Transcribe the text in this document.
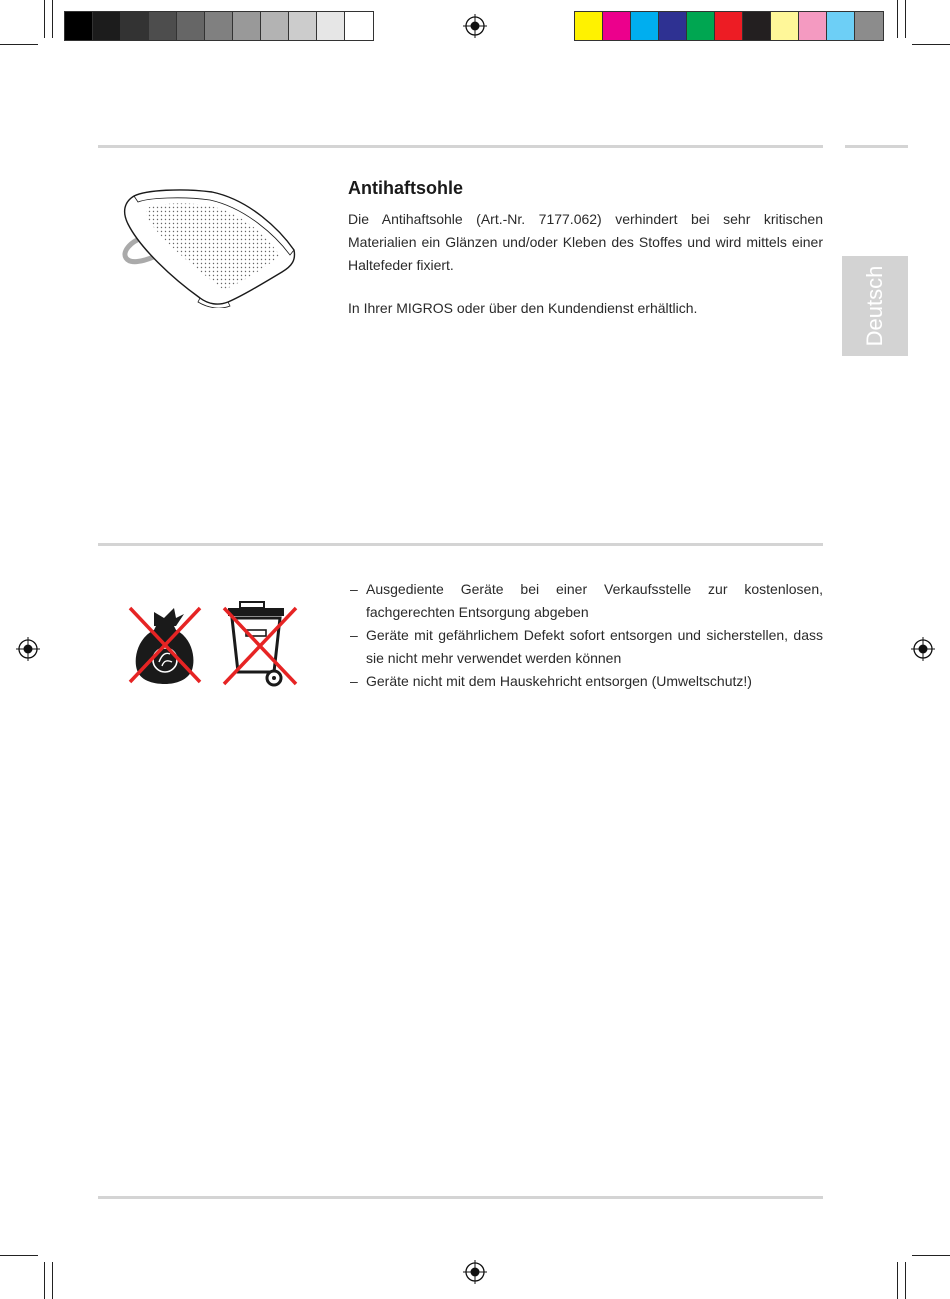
Deutsch
Antihaftsohle

Die Antihaftsohle (Art.-Nr. 7177.062) verhindert bei sehr kritischen Materialien ein Glänzen und/oder Kleben des Stoffes und wird mittels einer Haltefeder fixiert.

In Ihrer MIGROS oder über den Kundendienst erhältlich.

– Ausgediente Geräte bei einer Verkaufsstelle zur kostenlosen, fachgerechten Entsorgung abgeben
– Geräte mit gefährlichem Defekt sofort entsorgen und sicherstellen, dass sie nicht mehr verwendet werden können
– Geräte nicht mit dem Hauskehricht entsorgen (Umweltschutz!)
